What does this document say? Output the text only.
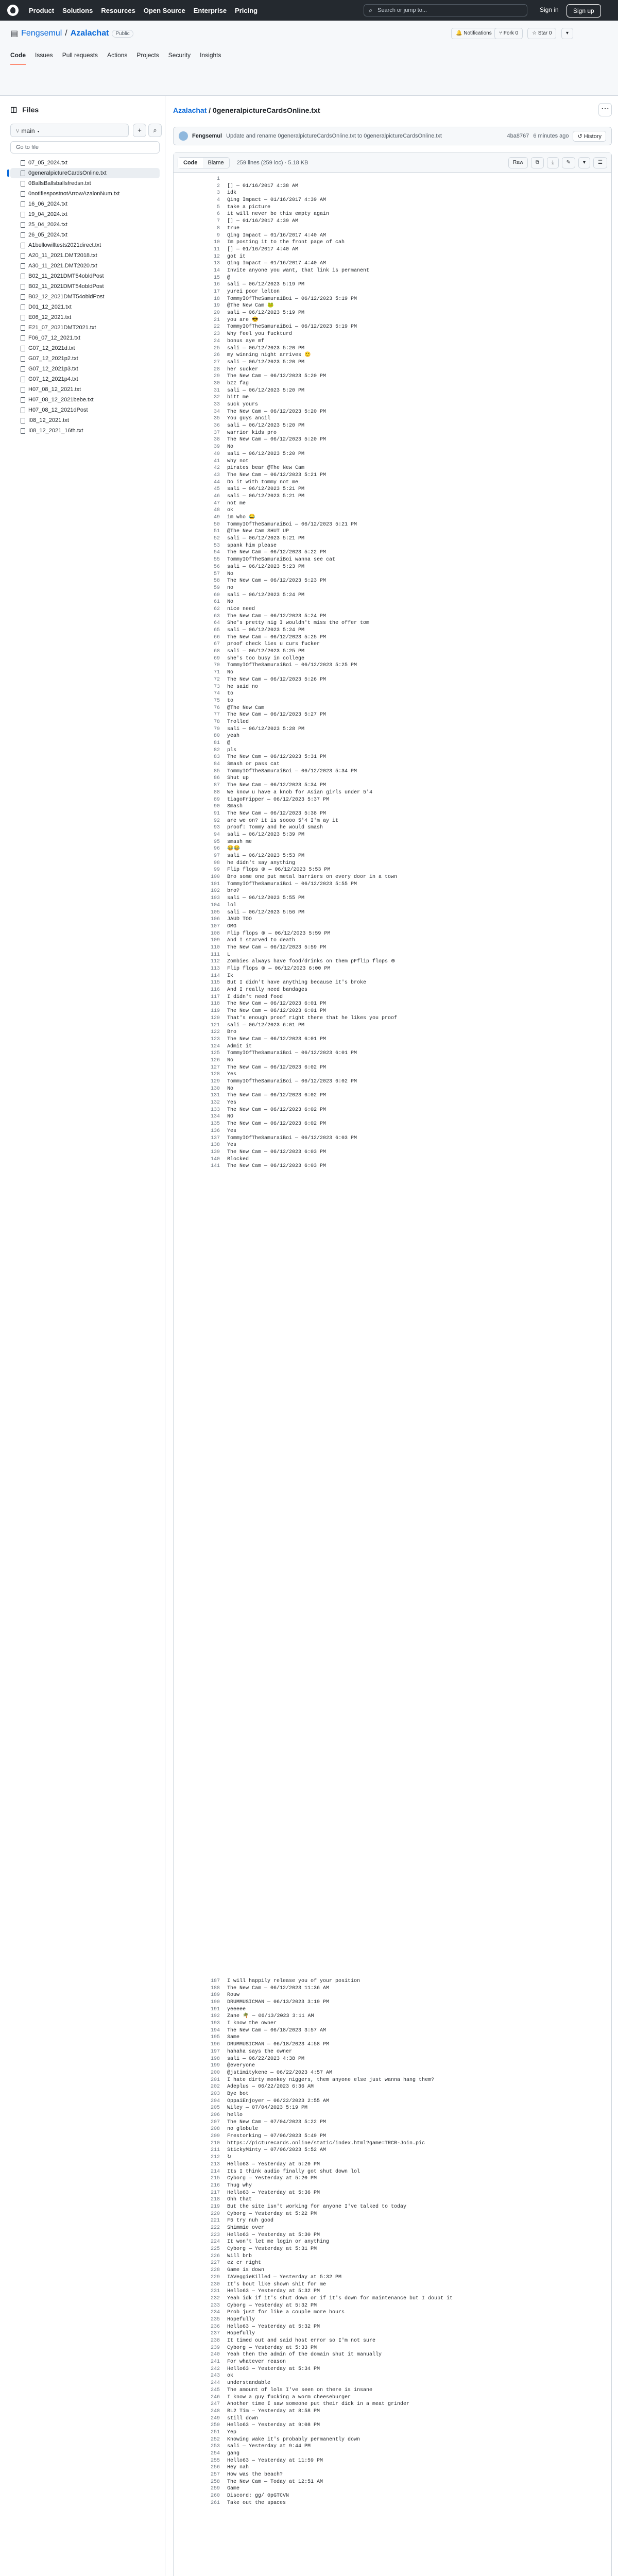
Product Solutions Resources Open Source Enterprise Pricing
⌕	Search or jump to...	Sign in	Sign up
▤ Fengsemul / Azalachat	Public	🔔 Notifications	⑂ Fork 0	☆ Star 0	▾
Code Issues Pull requests Actions Projects Security Insights
◫ Files
⑂ main ▾	+	⌕
Go to file
07_05_2024.txt
0generalpictureCardsOnline.txt
0BallsBallsballsfredsn.txt
0notifiespostnotArrowAzalonNum.txt
16_06_2024.txt
19_04_2024.txt
25_04_2024.txt
26_05_2024.txt
A1bellowilltests2021direct.txt
A20_11_2021.DMT2018.txt
A30_11_2021.DMT2020.txt
B02_11_2021DMT54obldPost
B02_11_2021DMT54obldPost
B02_12_2021DMT54obldPost
D01_12_2021.txt
E06_12_2021.txt
E21_07_2021DMT2021.txt
F06_07_12_2021.txt
G07_12_2021d.txt
G07_12_2021p2.txt
G07_12_2021p3.txt
G07_12_2021p4.txt
H07_08_12_2021.txt
H07_08_12_2021bebe.txt
H07_08_12_2021dPost
I08_12_2021.txt
I08_12_2021_16th.txt
Azalachat / 0generalpictureCardsOnline.txt	⋯
Fengsemul Update and rename 0generalpictureCardsOnline.txt to 0generalpictureCardsOnline.txt	4ba8767 6 minutes ago	↺ History
Code	Blame	259 lines (259 loc) · 5.18 KB	Raw	⧉	⤓	✎	▾	☰
1
2	[] — 01/16/2017 4:38 AM
3	idk
4	Qing Impact — 01/16/2017 4:39 AM
5	take a picture
6	it will never be this empty again
7	[] — 01/16/2017 4:39 AM
8	true
9	Qing Impact — 01/16/2017 4:40 AM
10	Im posting it to the front page of cah
11	[] — 01/16/2017 4:40 AM
12	got it
13	Qing Impact — 01/16/2017 4:40 AM
14	Invite anyone you want, that link is permanent
15	@
16	sali — 06/12/2023 5:19 PM
17	yurei poor lelton
18	TommyIOfTheSamuraiBoi — 06/12/2023 5:19 PM
19	@The New Cam 🐸
20	sali — 06/12/2023 5:19 PM
21	you are 😎
22	TommyIOfTheSamuraiBoi — 06/12/2023 5:19 PM
23	Why feel you fuckturd
24	bonus aye mf
25	sali — 06/12/2023 5:20 PM
26	my winning night arrives 🙂
27	sali — 06/12/2023 5:20 PM
28	her sucker
29	The New Cam — 06/12/2023 5:20 PM
30	bzz fag
31	sali — 06/12/2023 5:20 PM
32	bitt me
33	suck yours
34	The New Cam — 06/12/2023 5:20 PM
35	You guys ancil
36	sali — 06/12/2023 5:20 PM
37	warrior kids pro
38	The New Cam — 06/12/2023 5:20 PM
39	No
40	sali — 06/12/2023 5:20 PM
41	why not
42	pirates bear @The New Cam
43	The New Cam — 06/12/2023 5:21 PM
44	Do it with tommy not me
45	sali — 06/12/2023 5:21 PM
46	sali — 06/12/2023 5:21 PM
47	not me
48	ok
49	im who 😂
50	TommyIOfTheSamuraiBoi — 06/12/2023 5:21 PM
51	@The New Cam SHUT UP
52	sali — 06/12/2023 5:21 PM
53	spank him please
54	The New Cam — 06/12/2023 5:22 PM
55	TommyIOfTheSamuraiBoi wanna see cat
56	sali — 06/12/2023 5:23 PM
57	No
58	The New Cam — 06/12/2023 5:23 PM
59	no
60	sali — 06/12/2023 5:24 PM
61	No
62	nice need
63	The New Cam — 06/12/2023 5:24 PM
64	She's pretty nig I wouldn't miss the offer tom
65	sali — 06/12/2023 5:24 PM
66	The New Cam — 06/12/2023 5:25 PM
67	proof check lies u curs fucker
68	sali — 06/12/2023 5:25 PM
69	she's too busy in college
70	TommyIOfTheSamuraiBoi — 06/12/2023 5:25 PM
71	No
72	The New Cam — 06/12/2023 5:26 PM
73	he said no
74	to
75	to
76	@The New Cam
77	The New Cam — 06/12/2023 5:27 PM
78	Trolled
79	sali — 06/12/2023 5:28 PM
80	yeah
81	@
82	pls
83	The New Cam — 06/12/2023 5:31 PM
84	Smash or pass cat
85	TommyIOfTheSamuraiBoi — 06/12/2023 5:34 PM
86	Shut up
87	The New Cam — 06/12/2023 5:34 PM
88	We know u have a knob for Asian girls under 5'4
89	tiagoFripper — 06/12/2023 5:37 PM
90	Smash
91	The New Cam — 06/12/2023 5:38 PM
92	are we on? it is soooo 5'4 I'm ay it
93	proof: Tommy and he would smash
94	sali — 06/12/2023 5:39 PM
95	smash me
96	😂😂
97	sali — 06/12/2023 5:53 PM
98	he didn't say anything
99	Flip flops ⊕ — 06/12/2023 5:53 PM
100	Bro some one put metal barriers on every door in a town
101	TommyIOfTheSamuraiBoi — 06/12/2023 5:55 PM
102	bro?
103	sali — 06/12/2023 5:55 PM
104	lol
105	sali — 06/12/2023 5:56 PM
106	JAUD TOO
107	OMG
108	Flip flops ⊕ — 06/12/2023 5:59 PM
109	And I starved to death
110	The New Cam — 06/12/2023 5:59 PM
111	L
112	Zombies always have food/drinks on them pFflip flops ⊕
113	Flip flops ⊕ — 06/12/2023 6:00 PM
114	Ik
115	But I didn't have anything because it's broke
116	And I really need bandages
117	I didn't need food
118	The New Cam — 06/12/2023 6:01 PM
119	The New Cam — 06/12/2023 6:01 PM
120	That's enough proof right there that he likes you proof
121	sali — 06/12/2023 6:01 PM
122	Bro
123	The New Cam — 06/12/2023 6:01 PM
124	Admit it
125	TommyIOfTheSamuraiBoi — 06/12/2023 6:01 PM
126	No
127	The New Cam — 06/12/2023 6:02 PM
128	Yes
129	TommyIOfTheSamuraiBoi — 06/12/2023 6:02 PM
130	No
131	The New Cam — 06/12/2023 6:02 PM
132	Yes
133	The New Cam — 06/12/2023 6:02 PM
134	NO
135	The New Cam — 06/12/2023 6:02 PM
136	Yes
137	TommyIOfTheSamuraiBoi — 06/12/2023 6:03 PM
138	Yes
139	The New Cam — 06/12/2023 6:03 PM
140	Blocked
141	The New Cam — 06/12/2023 6:03 PM
187	I will happily release you of your position
188	The New Cam — 06/12/2023 11:36 AM
189	Rouw
190	DRUMMUSICMAN — 06/13/2023 3:19 PM
191	yeeeee
192	Zane 🌴 — 06/13/2023 3:11 AM
193	I know the owner
194	The New Cam — 06/18/2023 3:57 AM
195	Same
196	DRUMMUSICMAN — 06/18/2023 4:58 PM
197	hahaha says the owner
198	sali — 06/22/2023 4:38 PM
199	@everyone
200	@jstimitykene — 06/22/2023 4:57 AM
201	I hate dirty monkey niggers, them anyone else just wanna hang them?
202	Adeplus — 06/22/2023 6:36 AM
203	Bye bot
204	OppaiEnjoyer — 06/22/2023 2:55 AM
205	Wiley — 07/04/2023 5:19 PM
206	hello
207	The New Cam — 07/04/2023 5:22 PM
208	no globule
209	Frestorking — 07/06/2023 5:49 PM
210	https://picturecards.online/static/index.html?game=TRCR-Join.pic
211	StickyMinty — 07/06/2023 5:52 AM
212	↻
213	Hello63 — Yesterday at 5:20 PM
214	Its I think audio finally got shut down lol
215	Cyborg — Yesterday at 5:20 PM
216	Thug why
217	Hello63 — Yesterday at 5:36 PM
218	Ohh that
219	But the site isn't working for anyone I've talked to today
220	Cyborg — Yesterday at 5:22 PM
221	F5 try nuh good
222	Shimmie over
223	Hello63 — Yesterday at 5:30 PM
224	It won't let me login or anything
225	Cyborg — Yesterday at 5:31 PM
226	Will brb
227	ez cr right
228	Game is down
229	IAVeggieKilled — Yesterday at 5:32 PM
230	It's bout like shown shit for me
231	Hello63 — Yesterday at 5:32 PM
232	Yeah idk if it's shut down or if it's down for maintenance but I doubt it
233	Cyborg — Yesterday at 5:32 PM
234	Prob just for like a couple more hours
235	Hopefully
236	Hello63 — Yesterday at 5:32 PM
237	Hopefully
238	It timed out and said host error so I'm not sure
239	Cyborg — Yesterday at 5:33 PM
240	Yeah then the admin of the domain shut it manually
241	For whatever reason
242	Hello63 — Yesterday at 5:34 PM
243	ok
244	understandable
245	The amount of lols I've seen on there is insane
246	I know a guy fucking a worm cheeseburger
247	Another time I saw someone put their dick in a meat grinder
248	BL2 Tim — Yesterday at 8:58 PM
249	still down
250	Hello63 — Yesterday at 9:08 PM
251	Yep
252	Knowing wake it's probably permanently down
253	sali — Yesterday at 9:44 PM
254	gang
255	Hello63 — Yesterday at 11:59 PM
256	Hey nah
257	How was the beach?
258	The New Cam — Today at 12:51 AM
259	Game
260	Discord: gg/ 0pGTCVN
261	Take out the spaces
